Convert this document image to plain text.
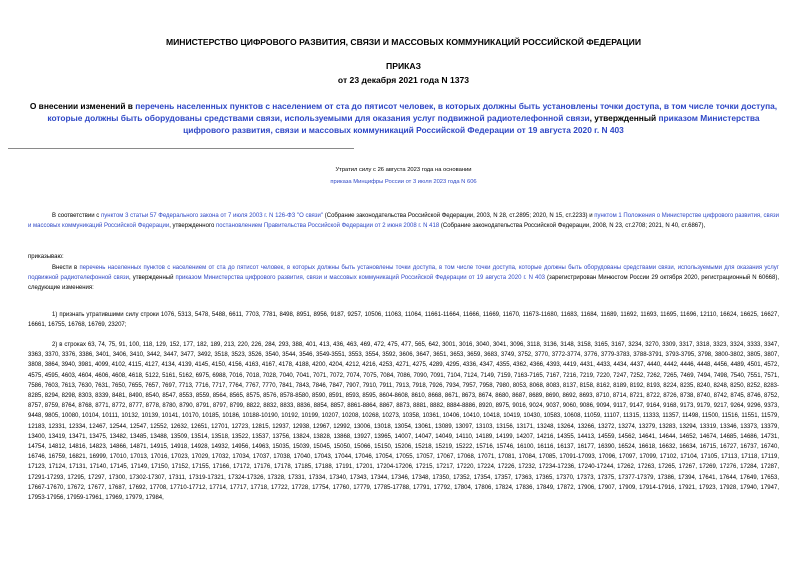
МИНИСТЕРСТВО ЦИФРОВОГО РАЗВИТИЯ, СВЯЗИ И МАССОВЫХ КОММУНИКАЦИЙ РОССИЙСКОЙ ФЕДЕРАЦИИ
ПРИКАЗ
от 23 декабря 2021 года N 1373
О внесении изменений в перечень населенных пунктов с населением от ста до пятисот человек, в которых должны быть установлены точки доступа, в том числе точки доступа, которые должны быть оборудованы средствами связи, используемыми для оказания услуг подвижной радиотелефонной связи, утвержденный приказом Министерства цифрового развития, связи и массовых коммуникаций Российской Федерации от 19 августа 2020 г. N 403
Утратил силу с 26 августа 2023 года на основании
приказа Минцифры России от 3 июля 2023 года N 606
В соответствии с пунктом 3 статьи 57 Федерального закона от 7 июля 2003 г. N 126-ФЗ "О связи" (Собрание законодательства Российской Федерации, 2003, N 28, ст.2895; 2020, N 15, ст.2233) и пунктом 1 Положения о Министерстве цифрового развития, связи и массовых коммуникаций Российской Федерации, утвержденного постановлением Правительства Российской Федерации от 2 июня 2008 г. N 418 (Собрание законодательства Российской Федерации, 2008, N 23, ст.2708; 2021, N 40, ст.6867),
приказываю:
Внести в перечень населенных пунктов с населением от ста до пятисот человек, в которых должны быть установлены точки доступа, в том числе точки доступа, которые должны быть оборудованы средствами связи, используемыми для оказания услуг подвижной радиотелефонной связи, утвержденный приказом Министерства цифрового развития, связи и массовых коммуникаций Российской Федерации от 19 августа 2020 г. N 403 (зарегистрирован Минюстом России 29 октября 2020, регистрационный N 60668), следующие изменения:
1) признать утратившими силу строки 1076, 5313, 5478, 5488, 6611, 7703, 7781, 8498, 8951, 8956, 9187, 9257, 10506, 11063, 11064, 11661-11664, 11666, 11669, 11670, 11673-11680, 11683, 11684, 11689, 11692, 11693, 11695, 11696, 12110, 16624, 16625, 16627, 16661, 16755, 16768, 16769, 23207;
2) в строках 63, 74, 75, 91, 100, 118, 129, 152, 177, 182, 189, 213, 220, 226, 284, 293, 388, 401, 413, 436, 463, 469, 472, 475, 477, 565, 642, 3001, 3016, 3040, 3041, 3096, 3118, 3136, 3148, 3158, 3165, 3167, 3234, 3270, 3309, 3317, 3318, 3323, 3324, 3333, 3347, 3363, 3370, 3376, 3386, 3401, 3406, 3410, 3442, 3447, 3477, 3492, 3518, 3523, 3526, 3540, 3544, 3546, 3549-3551, 3553, 3554, 3592, 3606, 3647, 3651, 3653, 3659, 3683, 3749, 3752, 3770, 3772-3774, 3776, 3779-3783, 3788-3791, 3793-3795, 3798, 3800-3802, 3805, 3807, 3808, 3864, 3940, 3981, 4099, 4102, 4115, 4127, 4134, 4139, 4145, 4150, 4156, 4163, 4167, 4178, 4188, 4200, 4204, 4212, 4216, 4253, 4271, 4275, 4289, 4295, 4336, 4347, 4355, 4362, 4366, 4393, 4419, 4431, 4433, 4434, 4437, 4440, 4442, 4446, 4448, 4456, 4489, 4501, 4572, 4575, 4595, 4603, 4604, 4606, 4608, 4618, 5122, 5161, 5162, 6975, 6988, 7016, 7018, 7028, 7040, 7041, 7071, 7072, 7074, 7075, 7084, 7086, 7090, 7091, 7104, 7124, 7149, 7159, 7163-7165, 7167, 7216, 7219, 7220, 7247, 7252, 7262, 7265, 7469, 7494, 7498, 7540, 7551, 7571, 7586, 7603, 7613, 7630, 7631, 7650, 7655, 7657, 7697, 7713, 7716, 7717, 7764, 7767, 7770, 7841, 7843, 7846, 7847, 7907, 7910, 7911, 7913, 7918, 7926, 7934, 7957, 7958, 7980, 8053, 8068, 8083, 8137, 8158, 8162, 8189, 8192, 8193, 8224, 8235, 8240, 8248, 8250, 8252, 8283-8285, 8294, 8298, 8303, 8339, 8481, 8490, 8540, 8547, 8553, 8559, 8564, 8565, 8575, 8576, 8578-8580, 8590, 8591, 8593, 8595, 8604-8608, 8610, 8668, 8671, 8673, 8674, 8680, 8687, 8689, 8690, 8692, 8693, 8710, 8714, 8721, 8722, 8726, 8738, 8740, 8742, 8745, 8746, 8752, 8757, 8759, 8764, 8768, 8771, 8772, 8777, 8778, 8780, 8790, 8791, 8797, 8799, 8822, 8832, 8833, 8836, 8854, 8857, 8861-8864, 8867, 8873, 8881, 8882, 8884-8886, 8920, 8975, 9016, 9024, 9037, 9060, 9086, 9094, 9117, 9147, 9164, 9168, 9173, 9179, 9217, 9264, 9296, 9373, 9448, 9805, 10080, 10104, 10111, 10132, 10139, 10141, 10170, 10185, 10186, 10188-10190, 10192, 10199, 10207, 10208, 10268, 10273, 10358, 10361, 10406, 10410, 10418, 10419, 10430, 10583, 10608, 11059, 11107, 11315, 11333, 11357, 11498, 11500, 11516, 11551, 11579, 12183, 12331, 12334, 12467, 12544, 12547, 12552, 12632, 12651, 12701, 12723, 12815, 12937, 12938, 12967, 12992, 13006, 13018, 13054, 13061, 13089, 13097, 13103, 13156, 13171, 13248, 13264, 13266, 13272, 13274, 13279, 13283, 13294, 13319, 13346, 13373, 13379, 13400, 13419, 13471, 13475, 13482, 13485, 13488, 13509, 13514, 13518, 13522, 13537, 13756, 13824, 13828, 13868, 13927, 13965, 14007, 14047, 14049, 14110, 14189, 14199, 14207, 14216, 14355, 14413, 14559, 14562, 14641, 14644, 14652, 14674, 14685, 14686, 14731, 14754, 14812, 14816, 14823, 14866, 14871, 14915, 14918, 14928, 14932, 14956, 14963, 15035, 15039, 15045, 15050, 15066, 15150, 15206, 15218, 15219, 15222, 15716, 15746, 16100, 16116, 16137, 16177, 16390, 16524, 16618, 16632, 16634, 16715, 16727, 16737, 16740, 16746, 16759, 16821, 16999, 17010, 17013, 17016, 17023, 17029, 17032, 17034, 17037, 17038, 17040, 17043, 17044, 17046, 17054, 17055, 17057, 17067, 17068, 17071, 17081, 17084, 17085, 17091-17093, 17096, 17097, 17099, 17102, 17104, 17105, 17113, 17118, 17119, 17123, 17124, 17131, 17140, 17145, 17149, 17150, 17152, 17155, 17166, 17172, 17176, 17178, 17185, 17188, 17191, 17201, 17204-17206, 17215, 17217, 17220, 17224, 17226, 17232, 17234-17236, 17240-17244, 17262, 17263, 17265, 17267, 17269, 17276, 17284, 17287, 17291-17293, 17295, 17297, 17300, 17302-17307, 17311, 17319-17321, 17324-17326, 17328, 17331, 17334, 17340, 17343, 17344, 17346, 17348, 17350, 17352, 17354, 17357, 17363, 17365, 17370, 17373, 17375, 17377-17379, 17386, 17394, 17641, 17644, 17649, 17653, 17667-17670, 17672, 17677, 17687, 17692, 17708, 17710-17712, 17714, 17717, 17718, 17722, 17728, 17754, 17760, 17779, 17785-17788, 17791, 17792, 17804, 17806, 17824, 17836, 17849, 17872, 17906, 17907, 17909, 17914-17916, 17921, 17923, 17928, 17940, 17947, 17953-17956, 17959-17961, 17969, 17979, 17984,
